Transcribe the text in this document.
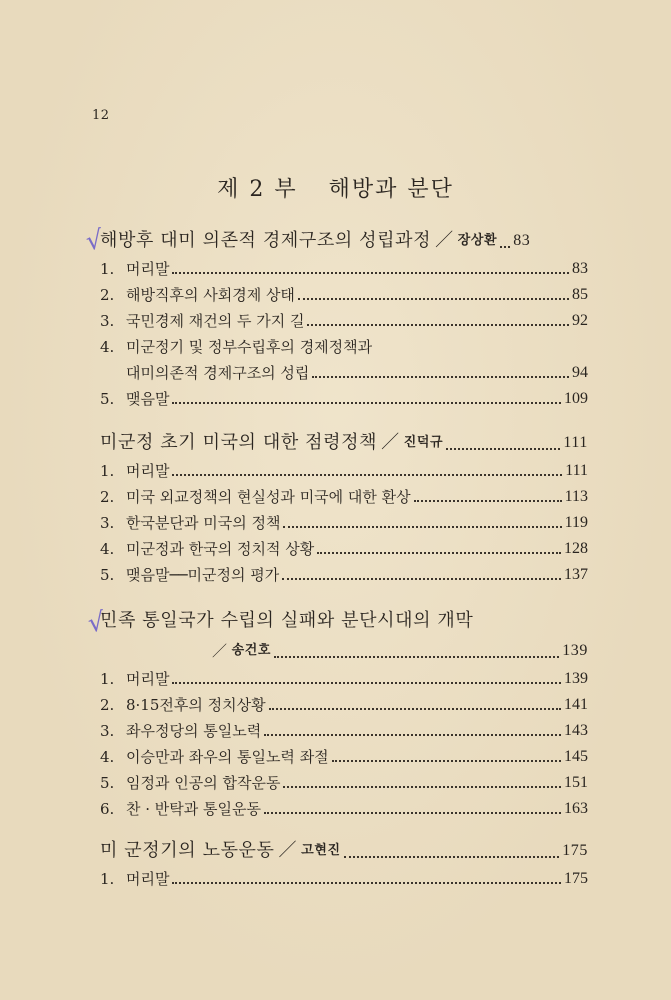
12
제 2 부 해방과 분단
√
해방후 대미 의존적 경제구조의 성립과정 ／ 장상환 83
1. 머리말	83
2. 해방직후의 사회경제 상태	85
3. 국민경제 재건의 두 가지 길	92
4. 미군정기 및 정부수립후의 경제정책과
대미의존적 경제구조의 성립	94
5. 맺음말	109
미군정 초기 미국의 대한 점령정책 ／ 진덕규	111
1. 머리말	111
2. 미국 외교정책의 현실성과 미국에 대한 환상	113
3. 한국분단과 미국의 정책	119
4. 미군정과 한국의 정치적 상황	128
5. 맺음말──미군정의 평가	137
√
민족 통일국가 수립의 실패와 분단시대의 개막
／ 송건호	139
1. 머리말	139
2. 8·15전후의 정치상황	141
3. 좌우정당의 통일노력	143
4. 이승만과 좌우의 통일노력 좌절	145
5. 임정과 인공의 합작운동	151
6. 찬 · 반탁과 통일운동	163
미 군정기의 노동운동 ／ 고현진	175
1. 머리말	175
